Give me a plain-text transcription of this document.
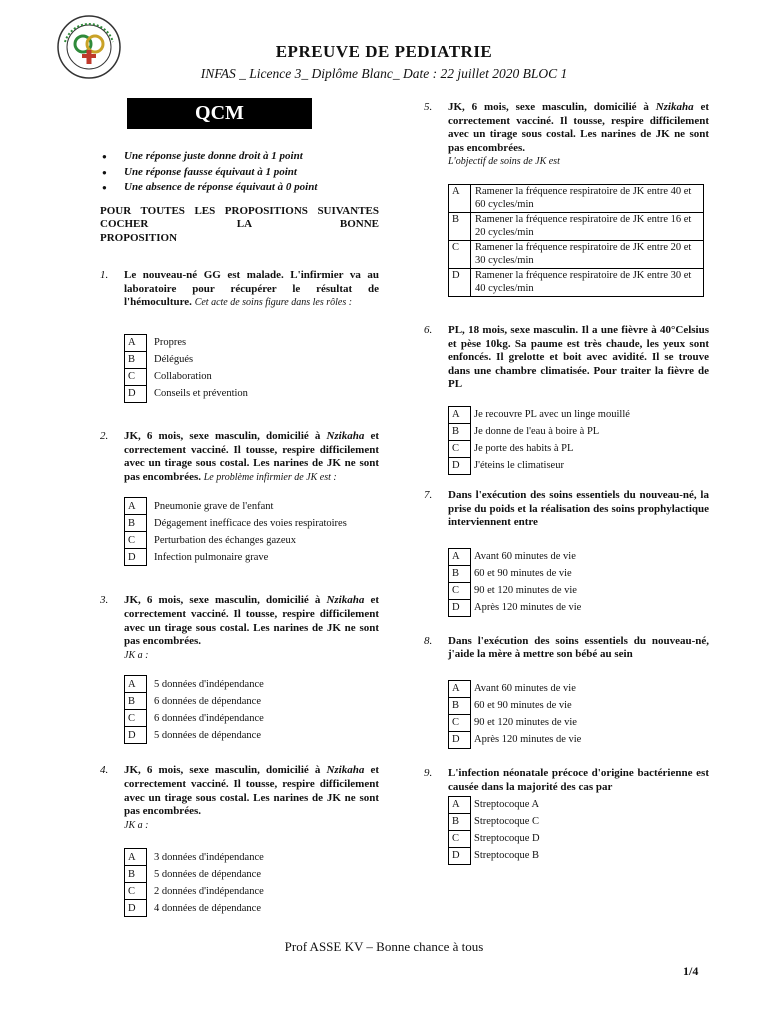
EPREUVE DE PEDIATRIE
INFAS _ Licence 3_ Diplôme Blanc_ Date : 22 juillet 2020 BLOC 1
QCM
● Une réponse juste donne droit à 1 point
● Une réponse fausse équivaut à 1 point
● Une absence de réponse équivaut à 0 point
POUR TOUTES LES PROPOSITIONS SUIVANTES COCHER LA BONNE
PROPOSITION
1. Le nouveau-né GG est malade. L'infirmier va au laboratoire pour récupérer le résultat de l'hémoculture. Cet acte de soins figure dans les rôles :
A	Propres
B	Délégués
C	Collaboration
D	Conseils et prévention
2. JK, 6 mois, sexe masculin, domicilié à Nzikaha et correctement vacciné. Il tousse, respire difficilement avec un tirage sous costal. Les narines de JK ne sont pas encombrées. Le problème infirmier de JK est :
A	Pneumonie grave de l'enfant
B	Dégagement inefficace des voies respiratoires
C	Perturbation des échanges gazeux
D	Infection pulmonaire grave
3. JK, 6 mois, sexe masculin, domicilié à Nzikaha et correctement vacciné. Il tousse, respire difficilement avec un tirage sous costal. Les narines de JK ne sont pas encombrées.
JK a :
A	5 données d'indépendance
B	6 données de dépendance
C	6 données d'indépendance
D	5 données de dépendance
4. JK, 6 mois, sexe masculin, domicilié à Nzikaha et correctement vacciné. Il tousse, respire difficilement avec un tirage sous costal. Les narines de JK ne sont pas encombrées.
JK a :
A	3 données d'indépendance
B	5 données de dépendance
C	2 données d'indépendance
D	4 données de dépendance
5. JK, 6 mois, sexe masculin, domicilié à Nzikaha et correctement vacciné. Il tousse, respire difficilement avec un tirage sous costal. Les narines de JK ne sont pas encombrées.
L'objectif de soins de JK est
A	Ramener la fréquence respiratoire de JK entre 40 et 60 cycles/min
B	Ramener la fréquence respiratoire de JK entre 16 et 20 cycles/min
C	Ramener la fréquence respiratoire de JK entre 20 et 30 cycles/min
D	Ramener la fréquence respiratoire de JK entre 30 et 40 cycles/min
6. PL, 18 mois, sexe masculin. Il a une fièvre à 40°Celsius et pèse 10kg. Sa paume est très chaude, les yeux sont enfoncés. Il grelotte et boit avec avidité. Il se trouve dans une chambre climatisée. Pour traiter la fièvre de PL
A	Je recouvre PL avec un linge mouillé
B	Je donne de l'eau à boire à PL
C	Je porte des habits à PL
D	J'éteins le climatiseur
7. Dans l'exécution des soins essentiels du nouveau-né, la prise du poids et la réalisation des soins prophylactique interviennent entre
A	Avant 60 minutes de vie
B	60 et 90 minutes de vie
C	90 et 120 minutes de vie
D	Après 120 minutes de vie
8. Dans l'exécution des soins essentiels du nouveau-né, j'aide la mère à mettre son bébé au sein
A	Avant 60 minutes de vie
B	60 et 90 minutes de vie
C	90 et 120 minutes de vie
D	Après 120 minutes de vie
9. L'infection néonatale précoce d'origine bactérienne est causée dans la majorité des cas par
A	Streptocoque A
B	Streptocoque C
C	Streptocoque D
D	Streptocoque B
Prof ASSE KV – Bonne chance à tous
1/4
